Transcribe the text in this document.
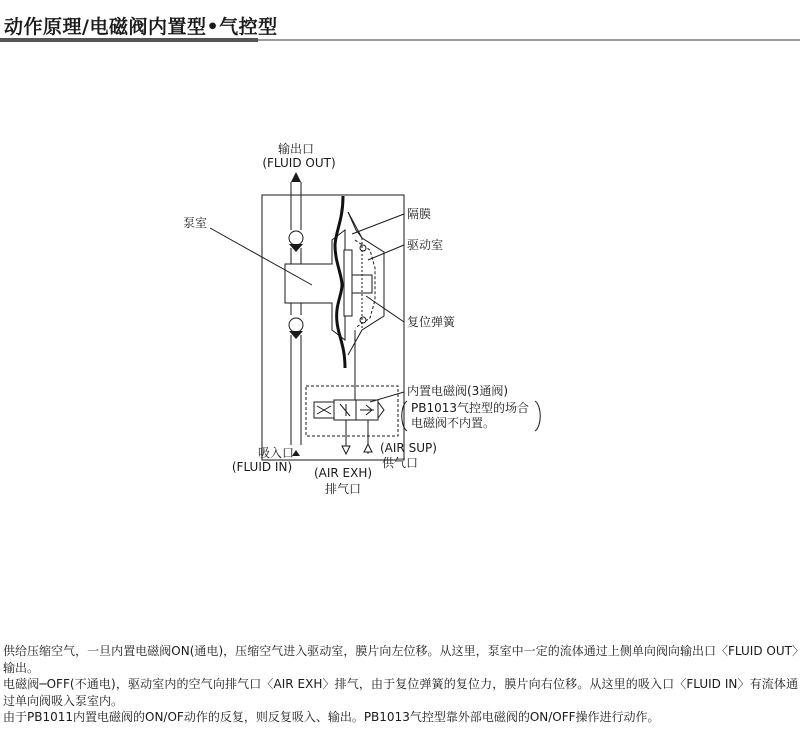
动作原理/电磁阀内置型•气控型
输出口
(FLUID OUT)
泵室
隔膜
驱动室
复位弹簧
内置电磁阀(3通阀)
PB1013气控型的场合
电磁阀不内置。
吸入口
(FLUID IN)
(AIR SUP)
供气口
(AIR EXH)
排气口

供给压缩空气，一旦内置电磁阀ON(通电)，压缩空气进入驱动室，膜片向左位移。从这里，泵室中一定的流体通过上侧单向阀向输出口〈FLUID OUT〉输出。

电磁阀─OFF(不通电)，驱动室内的空气向排气口〈AIR EXH〉排气，由于复位弹簧的复位力，膜片向右位移。从这里的吸入口〈FLUID IN〉有流体通过单向阀吸入泵室内。

由于PB1011内置电磁阀的ON/OF动作的反复，则反复吸入、输出。PB1013气控型靠外部电磁阀的ON/OFF操作进行动作。
